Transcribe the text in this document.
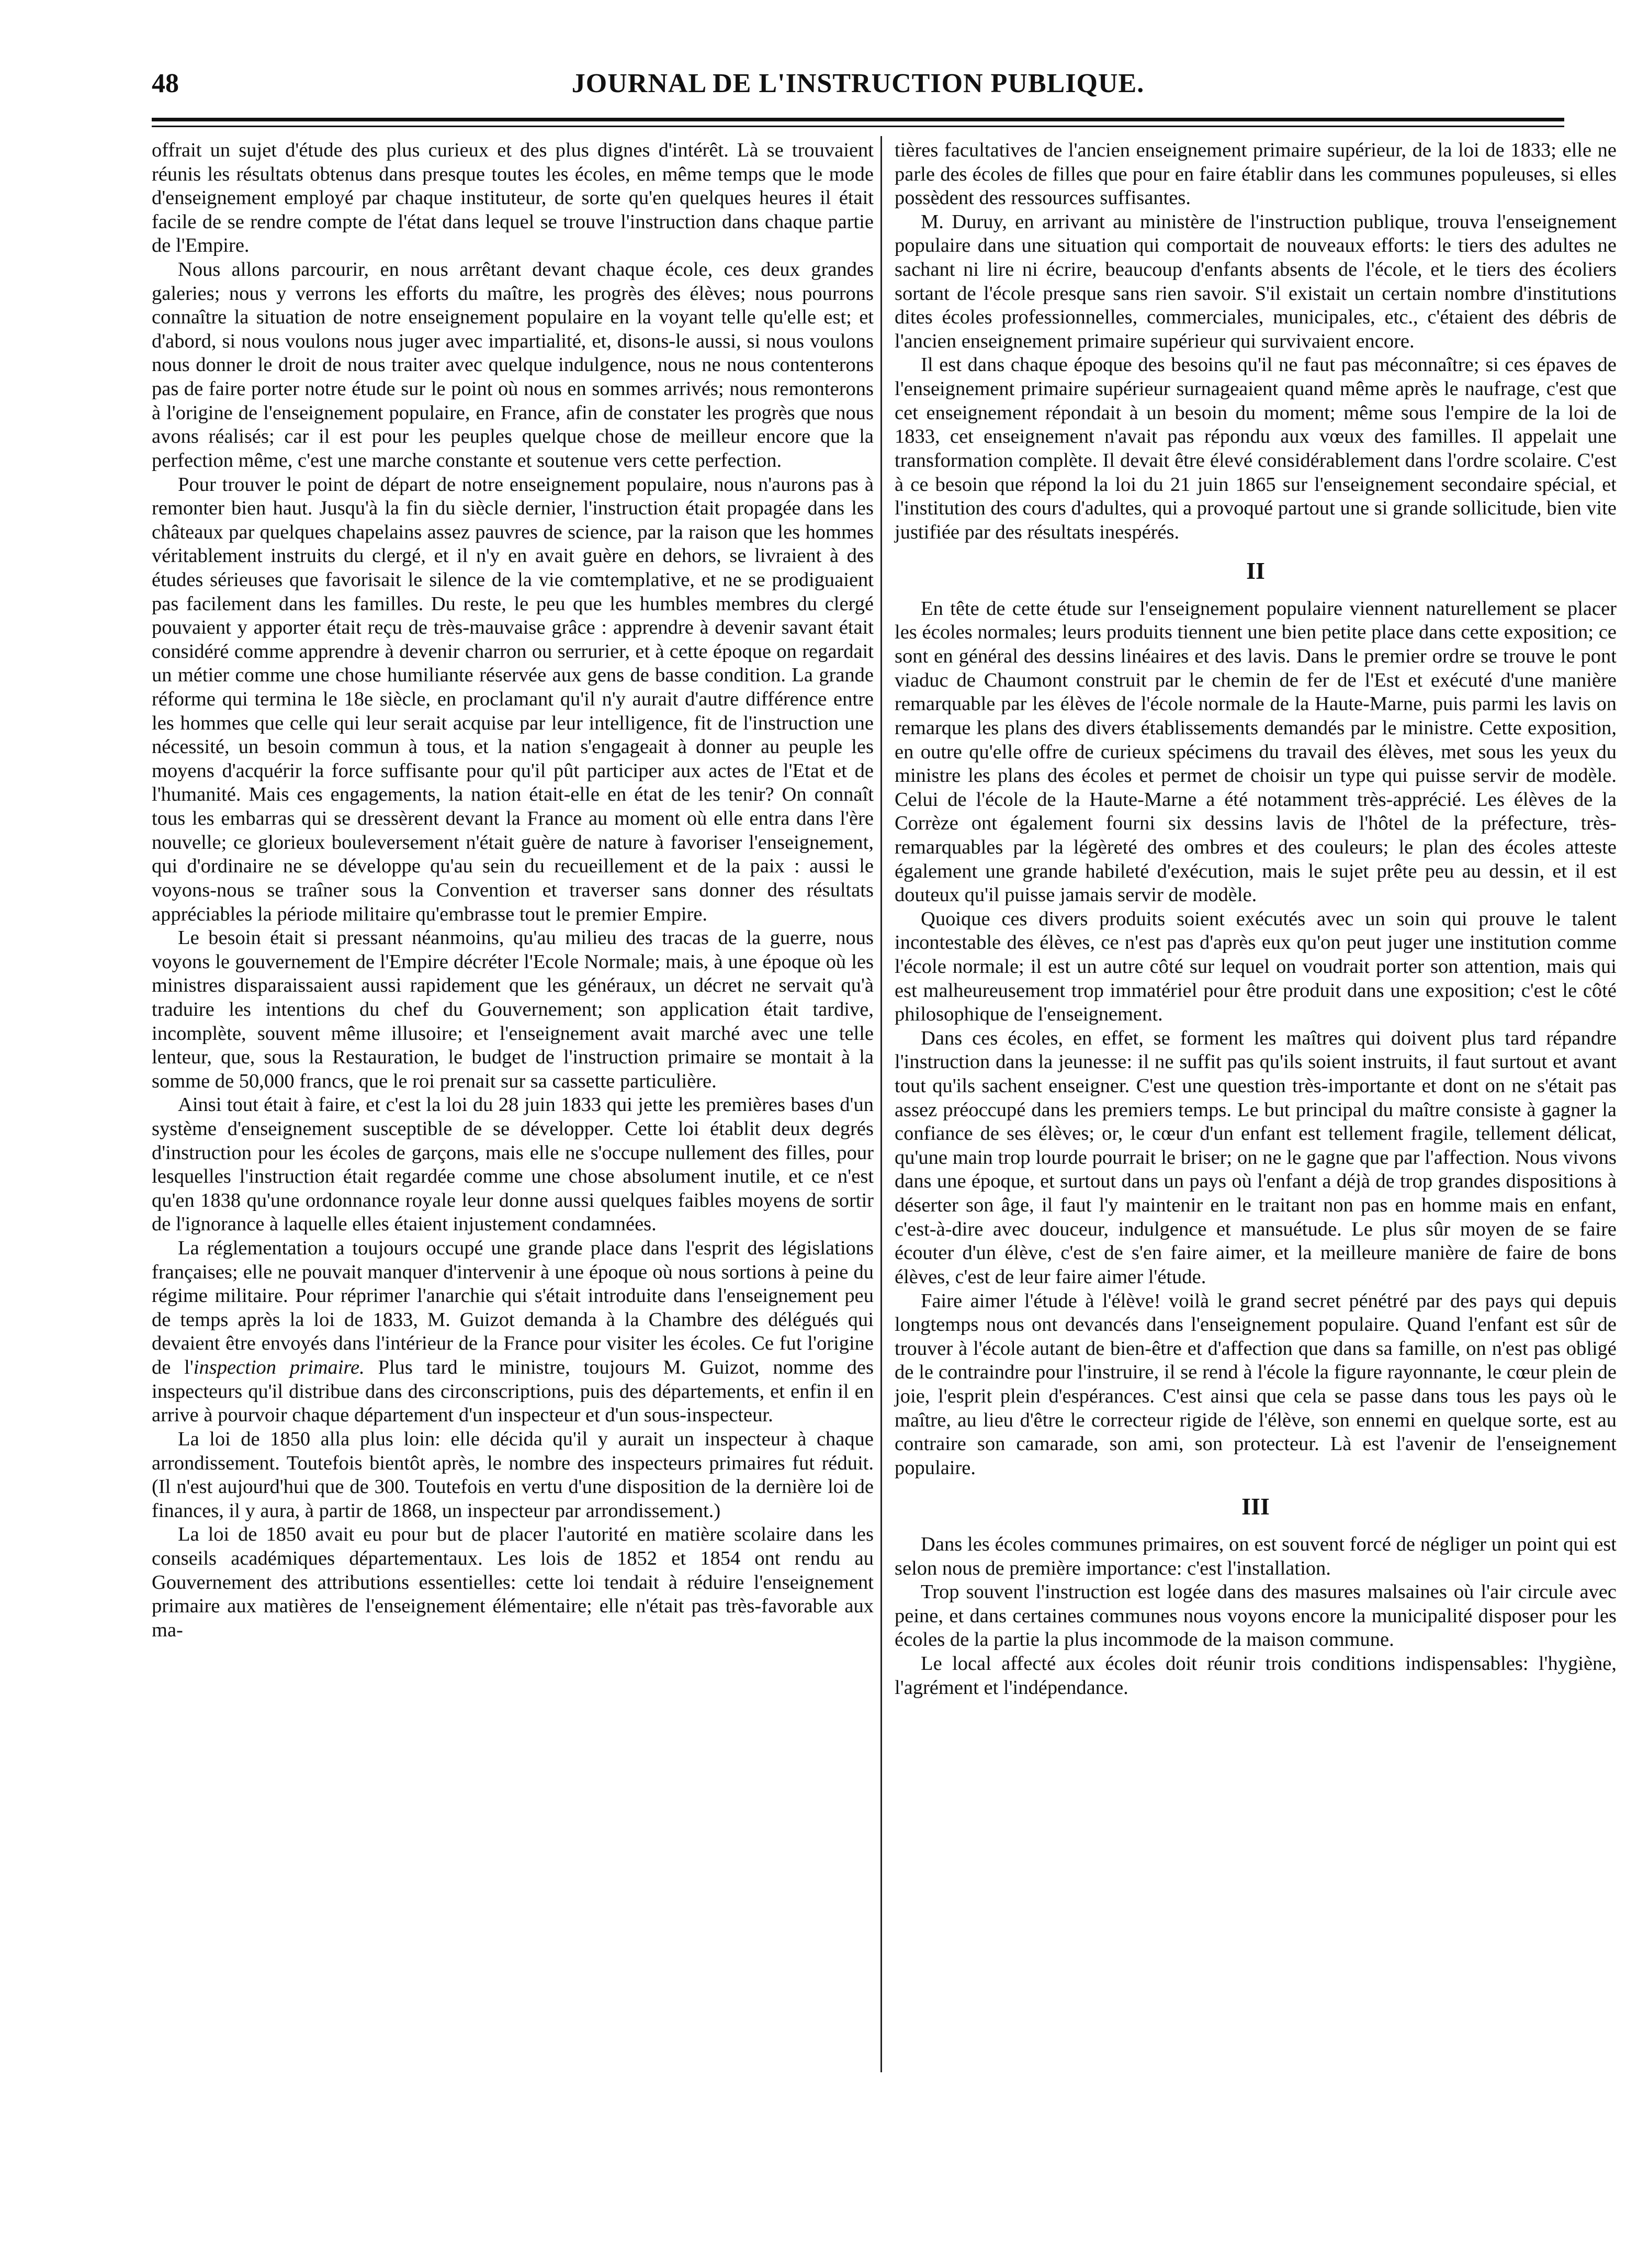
48	JOURNAL DE L'INSTRUCTION PUBLIQUE.

offrait un sujet d'étude des plus curieux et des plus dignes d'intérêt. Là se trouvaient réunis les résultats obtenus dans presque toutes les écoles, en même temps que le mode d'enseignement employé par chaque instituteur, de sorte qu'en quelques heures il était facile de se rendre compte de l'état dans lequel se trouve l'instruction dans chaque partie de l'Empire.

Nous allons parcourir, en nous arrêtant devant chaque école, ces deux grandes galeries; nous y verrons les efforts du maître, les progrès des élèves; nous pourrons connaître la situation de notre enseignement populaire en la voyant telle qu'elle est; et d'abord, si nous voulons nous juger avec impartialité, et, disons-le aussi, si nous voulons nous donner le droit de nous traiter avec quelque indulgence, nous ne nous contenterons pas de faire porter notre étude sur le point où nous en sommes arrivés; nous remonterons à l'origine de l'enseignement populaire, en France, afin de constater les progrès que nous avons réalisés; car il est pour les peuples quelque chose de meilleur encore que la perfection même, c'est une marche constante et soutenue vers cette perfection.

Pour trouver le point de départ de notre enseignement populaire, nous n'aurons pas à remonter bien haut. Jusqu'à la fin du siècle dernier, l'instruction était propagée dans les châteaux par quelques chapelains assez pauvres de science, par la raison que les hommes véritablement instruits du clergé, et il n'y en avait guère en dehors, se livraient à des études sérieuses que favorisait le silence de la vie comtemplative, et ne se prodiguaient pas facilement dans les familles. Du reste, le peu que les humbles membres du clergé pouvaient y apporter était reçu de très-mauvaise grâce : apprendre à devenir savant était considéré comme apprendre à devenir charron ou serrurier, et à cette époque on regardait un métier comme une chose humiliante réservée aux gens de basse condition. La grande réforme qui termina le 18e siècle, en proclamant qu'il n'y aurait d'autre différence entre les hommes que celle qui leur serait acquise par leur intelligence, fit de l'instruction une nécessité, un besoin commun à tous, et la nation s'engageait à donner au peuple les moyens d'acquérir la force suffisante pour qu'il pût participer aux actes de l'Etat et de l'humanité. Mais ces engagements, la nation était-elle en état de les tenir? On connaît tous les embarras qui se dressèrent devant la France au moment où elle entra dans l'ère nouvelle; ce glorieux bouleversement n'était guère de nature à favoriser l'enseignement, qui d'ordinaire ne se développe qu'au sein du recueillement et de la paix : aussi le voyons-nous se traîner sous la Convention et traverser sans donner des résultats appréciables la période militaire qu'embrasse tout le premier Empire.

Le besoin était si pressant néanmoins, qu'au milieu des tracas de la guerre, nous voyons le gouvernement de l'Empire décréter l'Ecole Normale; mais, à une époque où les ministres disparaissaient aussi rapidement que les généraux, un décret ne servait qu'à traduire les intentions du chef du Gouvernement; son application était tardive, incomplète, souvent même illusoire; et l'enseignement avait marché avec une telle lenteur, que, sous la Restauration, le budget de l'instruction primaire se montait à la somme de 50,000 francs, que le roi prenait sur sa cassette particulière.

Ainsi tout était à faire, et c'est la loi du 28 juin 1833 qui jette les premières bases d'un système d'enseignement susceptible de se développer. Cette loi établit deux degrés d'instruction pour les écoles de garçons, mais elle ne s'occupe nullement des filles, pour lesquelles l'instruction était regardée comme une chose absolument inutile, et ce n'est qu'en 1838 qu'une ordonnance royale leur donne aussi quelques faibles moyens de sortir de l'ignorance à laquelle elles étaient injustement condamnées.

La réglementation a toujours occupé une grande place dans l'esprit des législations françaises; elle ne pouvait manquer d'intervenir à une époque où nous sortions à peine du régime militaire. Pour réprimer l'anarchie qui s'était introduite dans l'enseignement peu de temps après la loi de 1833, M. Guizot demanda à la Chambre des délégués qui devaient être envoyés dans l'intérieur de la France pour visiter les écoles. Ce fut l'origine de l'inspection primaire. Plus tard le ministre, toujours M. Guizot, nomme des inspecteurs qu'il distribue dans des circonscriptions, puis des départements, et enfin il en arrive à pourvoir chaque département d'un inspecteur et d'un sous-inspecteur.

La loi de 1850 alla plus loin: elle décida qu'il y aurait un inspecteur à chaque arrondissement. Toutefois bientôt après, le nombre des inspecteurs primaires fut réduit. (Il n'est aujourd'hui que de 300. Toutefois en vertu d'une disposition de la dernière loi de finances, il y aura, à partir de 1868, un inspecteur par arrondissement.)

La loi de 1850 avait eu pour but de placer l'autorité en matière scolaire dans les conseils académiques départementaux. Les lois de 1852 et 1854 ont rendu au Gouvernement des attributions essentielles: cette loi tendait à réduire l'enseignement primaire aux matières de l'enseignement élémentaire; elle n'était pas très-favorable aux ma-

tières facultatives de l'ancien enseignement primaire supérieur, de la loi de 1833; elle ne parle des écoles de filles que pour en faire établir dans les communes populeuses, si elles possèdent des ressources suffisantes.

M. Duruy, en arrivant au ministère de l'instruction publique, trouva l'enseignement populaire dans une situation qui comportait de nouveaux efforts: le tiers des adultes ne sachant ni lire ni écrire, beaucoup d'enfants absents de l'école, et le tiers des écoliers sortant de l'école presque sans rien savoir. S'il existait un certain nombre d'institutions dites écoles professionnelles, commerciales, municipales, etc., c'étaient des débris de l'ancien enseignement primaire supérieur qui survivaient encore.

Il est dans chaque époque des besoins qu'il ne faut pas méconnaître; si ces épaves de l'enseignement primaire supérieur surnageaient quand même après le naufrage, c'est que cet enseignement répondait à un besoin du moment; même sous l'empire de la loi de 1833, cet enseignement n'avait pas répondu aux vœux des familles. Il appelait une transformation complète. Il devait être élevé considérablement dans l'ordre scolaire. C'est à ce besoin que répond la loi du 21 juin 1865 sur l'enseignement secondaire spécial, et l'institution des cours d'adultes, qui a provoqué partout une si grande sollicitude, bien vite justifiée par des résultats inespérés.

II

En tête de cette étude sur l'enseignement populaire viennent naturellement se placer les écoles normales; leurs produits tiennent une bien petite place dans cette exposition; ce sont en général des dessins linéaires et des lavis. Dans le premier ordre se trouve le pont viaduc de Chaumont construit par le chemin de fer de l'Est et exécuté d'une manière remarquable par les élèves de l'école normale de la Haute-Marne, puis parmi les lavis on remarque les plans des divers établissements demandés par le ministre. Cette exposition, en outre qu'elle offre de curieux spécimens du travail des élèves, met sous les yeux du ministre les plans des écoles et permet de choisir un type qui puisse servir de modèle. Celui de l'école de la Haute-Marne a été notamment très-apprécié. Les élèves de la Corrèze ont également fourni six dessins lavis de l'hôtel de la préfecture, très-remarquables par la légèreté des ombres et des couleurs; le plan des écoles atteste également une grande habileté d'exécution, mais le sujet prête peu au dessin, et il est douteux qu'il puisse jamais servir de modèle.

Quoique ces divers produits soient exécutés avec un soin qui prouve le talent incontestable des élèves, ce n'est pas d'après eux qu'on peut juger une institution comme l'école normale; il est un autre côté sur lequel on voudrait porter son attention, mais qui est malheureusement trop immatériel pour être produit dans une exposition; c'est le côté philosophique de l'enseignement.

Dans ces écoles, en effet, se forment les maîtres qui doivent plus tard répandre l'instruction dans la jeunesse: il ne suffit pas qu'ils soient instruits, il faut surtout et avant tout qu'ils sachent enseigner. C'est une question très-importante et dont on ne s'était pas assez préoccupé dans les premiers temps. Le but principal du maître consiste à gagner la confiance de ses élèves; or, le cœur d'un enfant est tellement fragile, tellement délicat, qu'une main trop lourde pourrait le briser; on ne le gagne que par l'affection. Nous vivons dans une époque, et surtout dans un pays où l'enfant a déjà de trop grandes dispositions à déserter son âge, il faut l'y maintenir en le traitant non pas en homme mais en enfant, c'est-à-dire avec douceur, indulgence et mansuétude. Le plus sûr moyen de se faire écouter d'un élève, c'est de s'en faire aimer, et la meilleure manière de faire de bons élèves, c'est de leur faire aimer l'étude.

Faire aimer l'étude à l'élève! voilà le grand secret pénétré par des pays qui depuis longtemps nous ont devancés dans l'enseignement populaire. Quand l'enfant est sûr de trouver à l'école autant de bien-être et d'affection que dans sa famille, on n'est pas obligé de le contraindre pour l'instruire, il se rend à l'école la figure rayonnante, le cœur plein de joie, l'esprit plein d'espérances. C'est ainsi que cela se passe dans tous les pays où le maître, au lieu d'être le correcteur rigide de l'élève, son ennemi en quelque sorte, est au contraire son camarade, son ami, son protecteur. Là est l'avenir de l'enseignement populaire.

III

Dans les écoles communes primaires, on est souvent forcé de négliger un point qui est selon nous de première importance: c'est l'installation.

Trop souvent l'instruction est logée dans des masures malsaines où l'air circule avec peine, et dans certaines communes nous voyons encore la municipalité disposer pour les écoles de la partie la plus incommode de la maison commune.

Le local affecté aux écoles doit réunir trois conditions indispensables: l'hygiène, l'agrément et l'indépendance.
